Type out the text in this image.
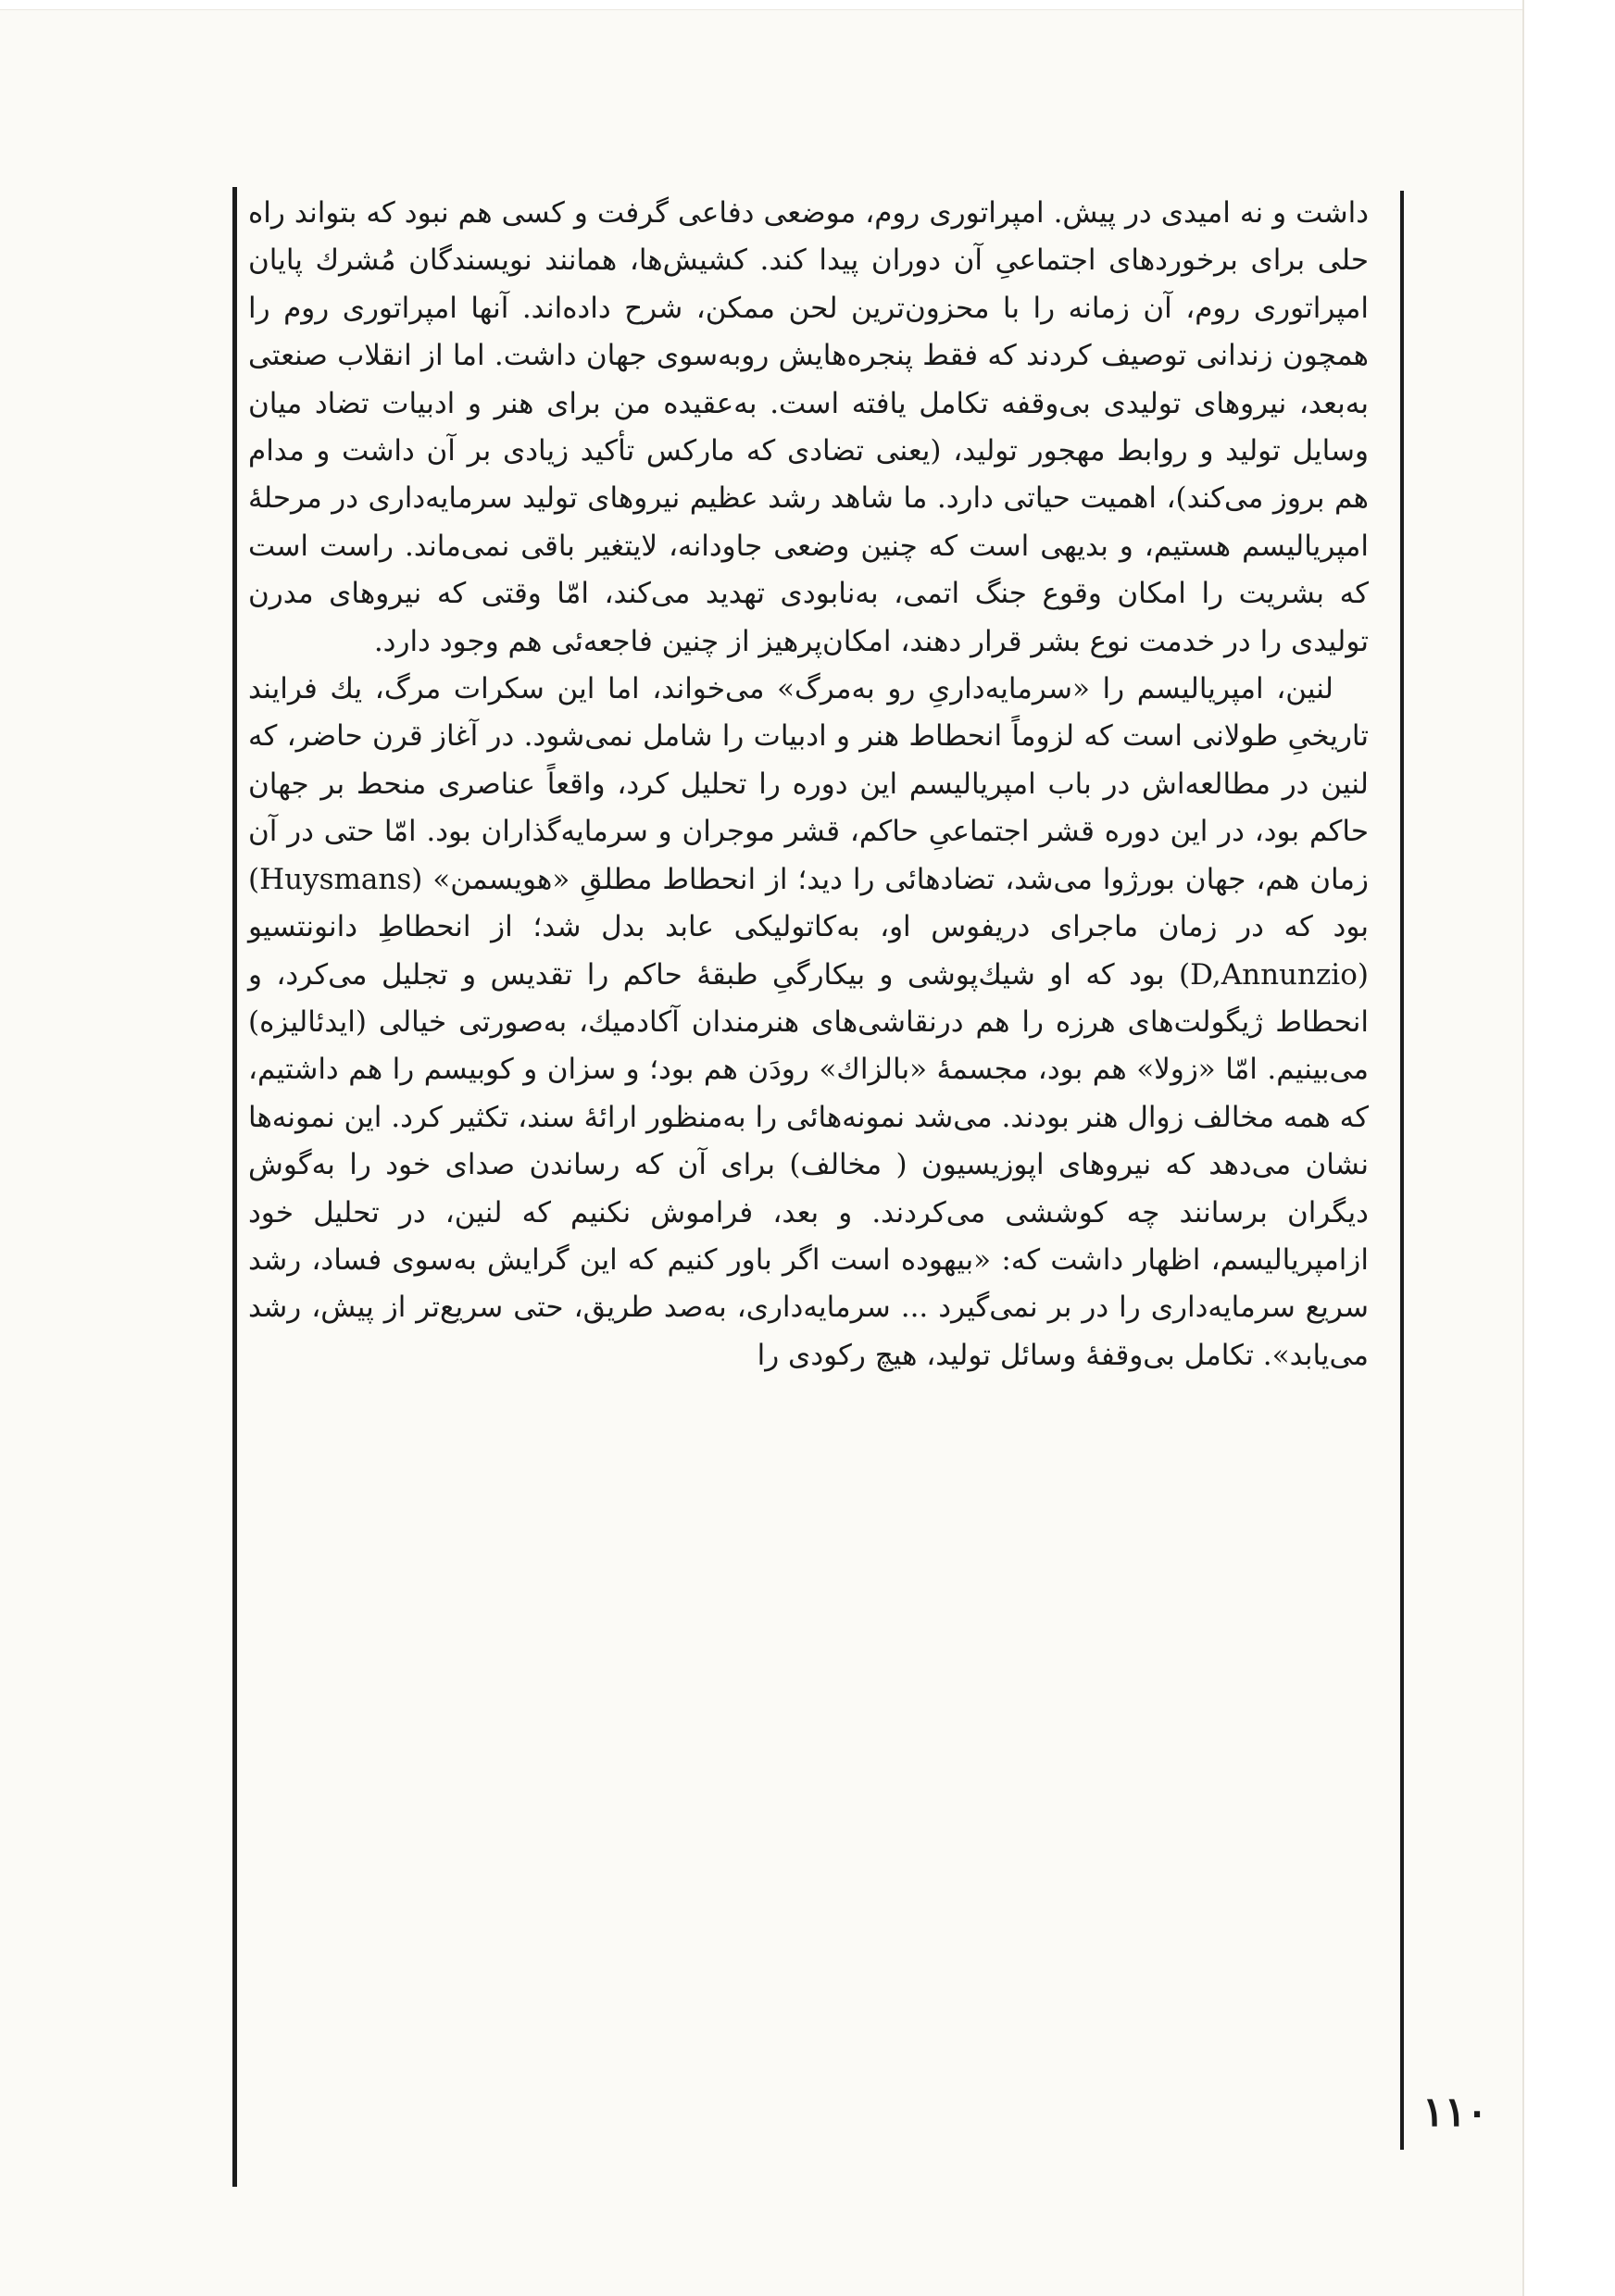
داشت و نه امیدی در پیش. امپراتوری روم، موضعی دفاعی گرفت و کسی هم نبود که بتواند راه حلی برای برخوردهای اجتماعیِ آن دوران پیدا کند. کشیش‌ها، همانند نویسندگان مُشرك پایان امپراتوری روم، آن زمانه را با محزون‌ترین لحن ممکن، شرح داده‌اند. آنها امپراتوری روم را همچون زندانی توصیف کردند که فقط پنجره‌هایش روبه‌سوی جهان داشت. اما از انقلاب صنعتی به‌بعد، نیروهای تولیدی بی‌وقفه تکامل یافته است. به‌عقیده من برای هنر و ادبیات تضاد میان وسایل تولید و روابط مهجور تولید، (یعنی تضادی که مارکس تأکید زیادی بر آن داشت و مدام هم بروز می‌کند)، اهمیت حیاتی دارد. ما شاهد رشد عظیم نیروهای تولید سرمایه‌داری در مرحلهٔ امپریالیسم هستیم، و بدیهی است که چنین وضعی جاودانه، لایتغیر باقی نمی‌ماند. راست است که بشریت را امکان وقوع جنگ اتمی، به‌نابودی تهدید می‌کند، امّا وقتی که نیروهای مدرن تولیدی را در خدمت نوع بشر قرار دهند، امکان‌پرهیز از چنین فاجعه‌ئی هم وجود دارد.

لنین، امپریالیسم را «سرمایه‌داریِ رو به‌مرگ» می‌خواند، اما این سکرات مرگ، یك فرایند تاریخیِ طولانی است که لزوماً انحطاط هنر و ادبیات را شامل نمی‌شود. در آغاز قرن حاضر، که لنین در مطالعه‌اش در باب امپریالیسم این دوره را تحلیل کرد، واقعاً عناصری منحط بر جهان حاکم بود، در این دوره قشر اجتماعیِ حاکم، قشر موجران و سرمایه‌گذاران بود. امّا حتی در آن زمان هم، جهان بورژوا می‌شد، تضادهائی را دید؛ از انحطاط مطلقِ «هویسمن» (Huysmans) بود که در زمان ماجرای دریفوس او، به‌کاتولیکی عابد بدل شد؛ از انحطاطِ دانونتسیو (D,Annunzio) بود که او شیك‌پوشی و بیکارگیِ طبقهٔ حاکم را تقدیس و تجلیل می‌کرد، و انحطاط ژیگولت‌های هرزه را هم درنقاشی‌های هنرمندان آکادمیك، به‌صورتی خیالی (ایدئالیزه) می‌بینیم. امّا «زولا» هم بود، مجسمهٔ «بالزاك» رودَن هم بود؛ و سزان و کوبیسم را هم داشتیم، که همه مخالف زوال هنر بودند. می‌شد نمونه‌هائی را به‌منظور ارائهٔ سند، تکثیر کرد. این نمونه‌ها نشان می‌دهد که نیروهای اپوزیسیون ( مخالف) برای آن که رساندن صدای خود را به‌گوش دیگران برسانند چه کوششی می‌کردند. و بعد، فراموش نکنیم که لنین، در تحلیل خود ازامپریالیسم، اظهار داشت که: «بیهوده است اگر باور کنیم که این گرایش به‌سوی فساد، رشد سریع سرمایه‌داری را در بر نمی‌گیرد ... سرمایه‌داری، به‌صد طریق، حتی سریع‌تر از پیش، رشد می‌یابد». تکامل بی‌وقفهٔ وسائل تولید، هیچ رکودی را

۱۱۰
